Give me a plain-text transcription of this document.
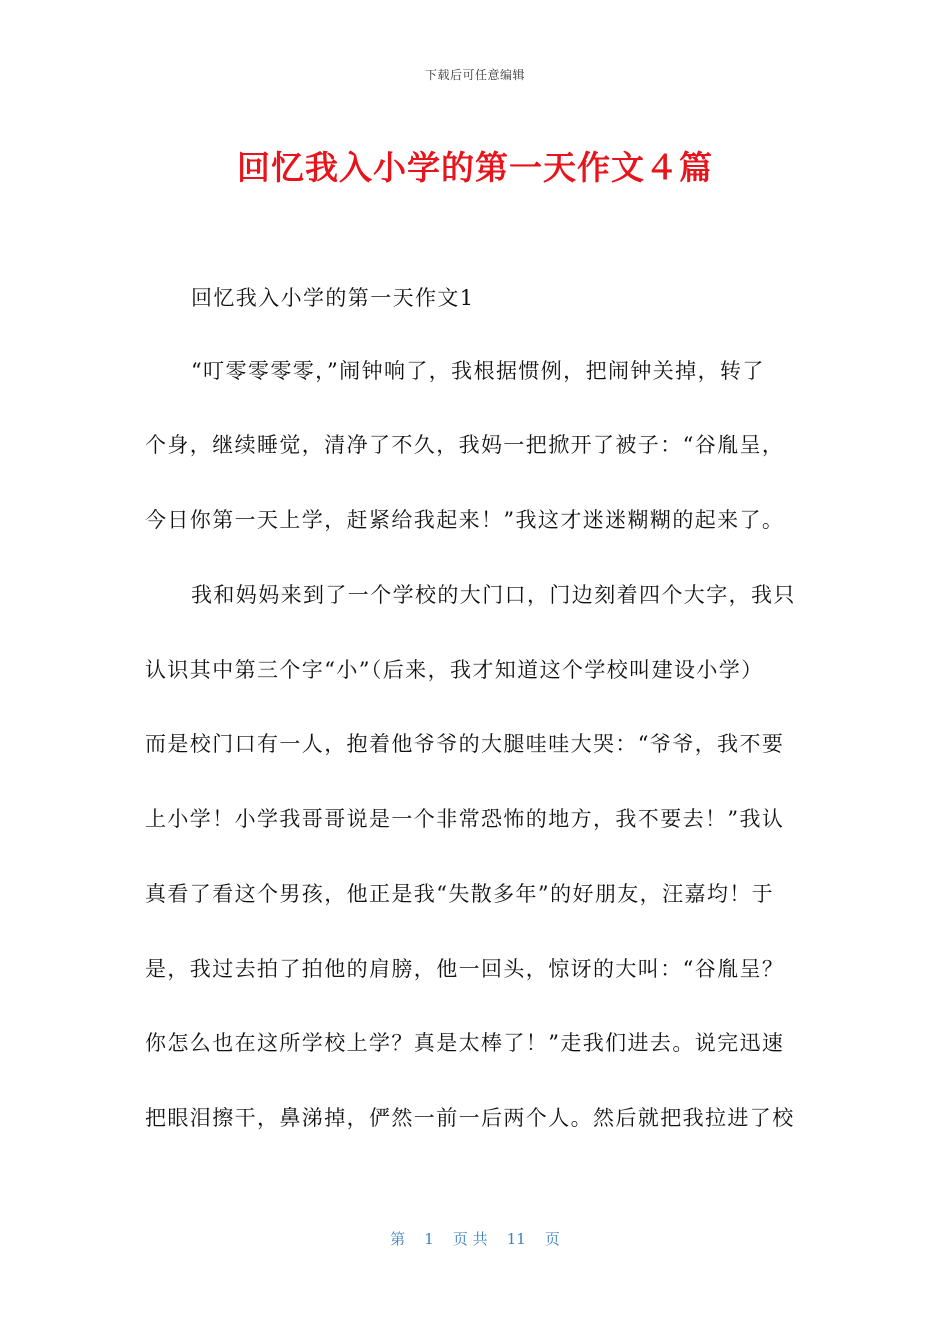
下载后可任意编辑
回忆我入小学的第一天作文４篇
回忆我入小学的第一天作文1
“叮零零零零，”闹钟响了，我根据惯例，把闹钟关掉，转了
个身，继续睡觉，清净了不久，我妈一把掀开了被子：“谷胤呈，
今日你第一天上学，赶紧给我起来！”我这才迷迷糊糊的起来了。
我和妈妈来到了一个学校的大门口，门边刻着四个大字，我只
认识其中第三个字“小”（后来，我才知道这个学校叫建设小学）
而是校门口有一人，抱着他爷爷的大腿哇哇大哭：“爷爷，我不要
上小学！小学我哥哥说是一个非常恐怖的地方，我不要去！”我认
真看了看这个男孩，他正是我“失散多年”的好朋友，汪嘉均！于
是，我过去拍了拍他的肩膀，他一回头，惊讶的大叫：“谷胤呈？
你怎么也在这所学校上学？真是太棒了！”走我们进去。说完迅速
把眼泪擦干，鼻涕掉，俨然一前一后两个人。然后就把我拉进了校
第 1 页 共 11 页
